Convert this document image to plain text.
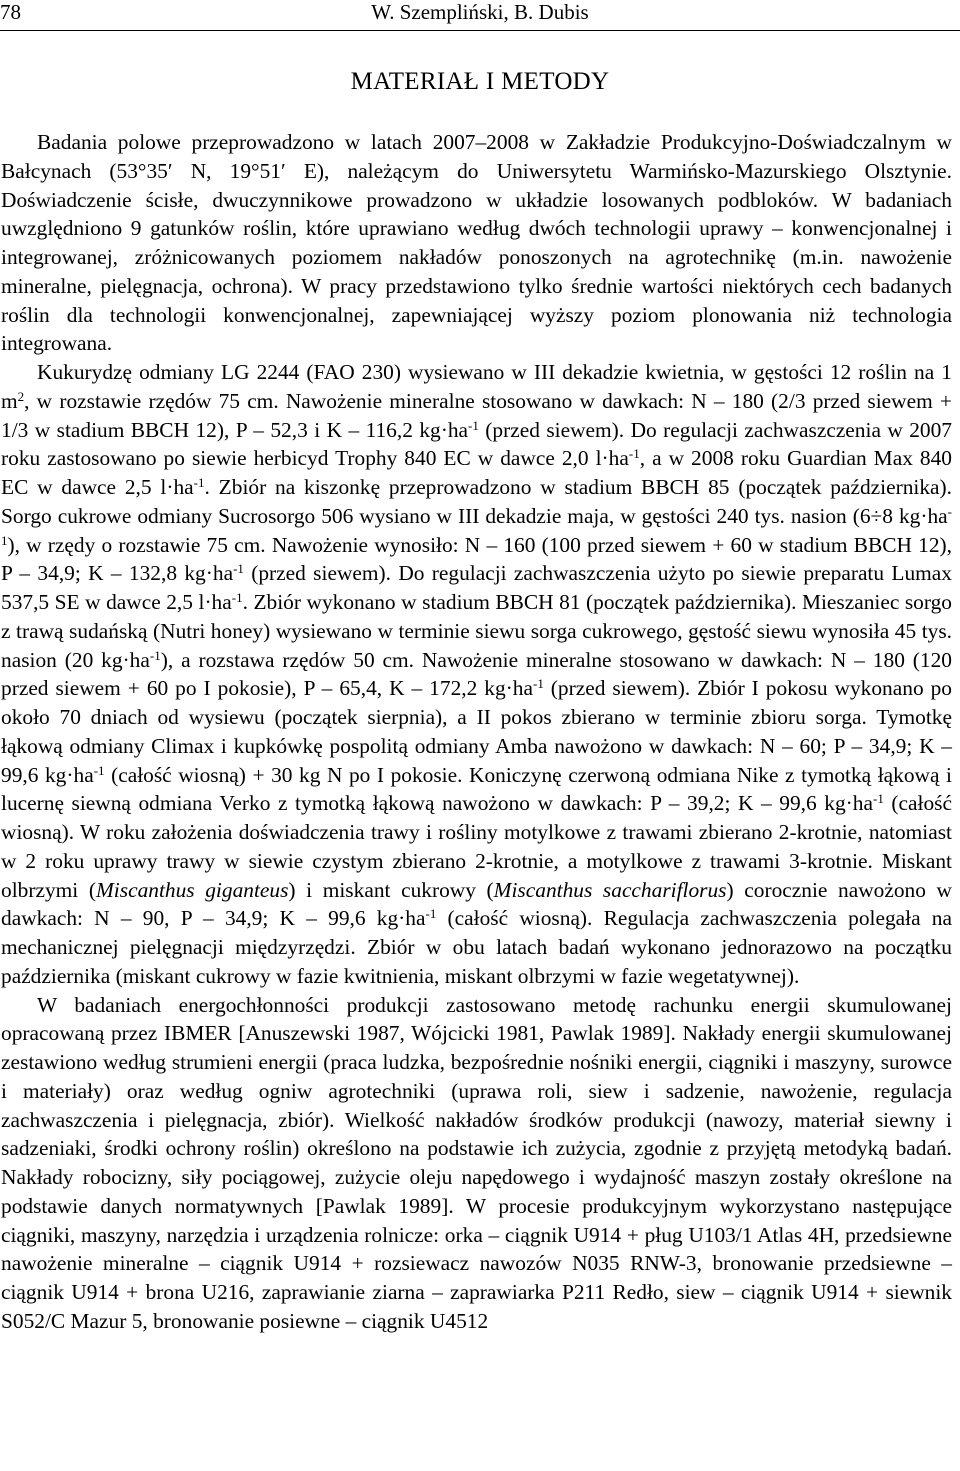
78	W. Szempliński, B. Dubis
MATERIAŁ I METODY

Badania polowe przeprowadzono w latach 2007–2008 w Zakładzie Produkcyjno-Doświadczalnym w Bałcynach (53°35′ N, 19°51′ E), należącym do Uniwersytetu Warmińsko-Mazurskiego Olsztynie. Doświadczenie ścisłe, dwuczynnikowe prowadzono w układzie losowanych podbloków. W badaniach uwzględniono 9 gatunków roślin, które uprawiano według dwóch technologii uprawy – konwencjonalnej i integrowanej, zróżnicowanych poziomem nakładów ponoszonych na agrotechnikę (m.in. nawożenie mineralne, pielęgnacja, ochrona). W pracy przedstawiono tylko średnie wartości niektórych cech badanych roślin dla technologii konwencjonalnej, zapewniającej wyższy poziom plonowania niż technologia integrowana.

Kukurydzę odmiany LG 2244 (FAO 230) wysiewano w III dekadzie kwietnia, w gęstości 12 roślin na 1 $m^2$, w rozstawie rzędów 75 cm. Nawożenie mineralne stosowano w dawkach: N – 180 (2/3 przed siewem + 1/3 w stadium BBCH 12), P – 52,3 i K – 116,2 $kg\cdot ha^{-1}$ (przed siewem). Do regulacji zachwaszczenia w 2007 roku zastosowano po siewie herbicyd Trophy 840 EC w dawce 2,0 $l\cdot ha^{-1}$, a w 2008 roku Guardian Max 840 EC w dawce 2,5 $l\cdot ha^{-1}$. Zbiór na kiszonkę przeprowadzono w stadium BBCH 85 (początek października). Sorgo cukrowe odmiany Sucrosorgo 506 wysiano w III dekadzie maja, w gęstości 240 tys. nasion (6÷8 $kg\cdot ha^{-1}$), w rzędy o rozstawie 75 cm. Nawożenie wynosiło: N – 160 (100 przed siewem + 60 w stadium BBCH 12), P – 34,9; K – 132,8 $kg\cdot ha^{-1}$ (przed siewem). Do regulacji zachwaszczenia użyto po siewie preparatu Lumax 537,5 SE w dawce 2,5 $l\cdot ha^{-1}$. Zbiór wykonano w stadium BBCH 81 (początek października). Mieszaniec sorgo z trawą sudańską (Nutri honey) wysiewano w terminie siewu sorga cukrowego, gęstość siewu wynosiła 45 tys. nasion (20 $kg\cdot ha^{-1}$), a rozstawa rzędów 50 cm. Nawożenie mineralne stosowano w dawkach: N – 180 (120 przed siewem + 60 po I pokosie), P – 65,4, K – 172,2 $kg\cdot ha^{-1}$ (przed siewem). Zbiór I pokosu wykonano po około 70 dniach od wysiewu (początek sierpnia), a II pokos zbierano w terminie zbioru sorga. Tymotkę łąkową odmiany Climax i kupkówkę pospolitą odmiany Amba nawożono w dawkach: N – 60; P – 34,9; K – 99,6 $kg\cdot ha^{-1}$ (całość wiosną) + 30 kg N po I pokosie. Koniczynę czerwoną odmiana Nike z tymotką łąkową i lucernę siewną odmiana Verko z tymotką łąkową nawożono w dawkach: P – 39,2; K – 99,6 $kg\cdot ha^{-1}$ (całość wiosną). W roku założenia doświadczenia trawy i rośliny motylkowe z trawami zbierano 2-krotnie, natomiast w 2 roku uprawy trawy w siewie czystym zbierano 2-krotnie, a motylkowe z trawami 3-krotnie. Miskant olbrzymi (Miscanthus giganteus) i miskant cukrowy (Miscanthus sacchariflorus) corocznie nawożono w dawkach: N – 90, P – 34,9; K – 99,6 $kg\cdot ha^{-1}$ (całość wiosną). Regulacja zachwaszczenia polegała na mechanicznej pielęgnacji międzyrzędzi. Zbiór w obu latach badań wykonano jednorazowo na początku października (miskant cukrowy w fazie kwitnienia, miskant olbrzymi w fazie wegetatywnej).

W badaniach energochłonności produkcji zastosowano metodę rachunku energii skumulowanej opracowaną przez IBMER [Anuszewski 1987, Wójcicki 1981, Pawlak 1989]. Nakłady energii skumulowanej zestawiono według strumieni energii (praca ludzka, bezpośrednie nośniki energii, ciągniki i maszyny, surowce i materiały) oraz według ogniw agrotechniki (uprawa roli, siew i sadzenie, nawożenie, regulacja zachwaszczenia i pielęgnacja, zbiór). Wielkość nakładów środków produkcji (nawozy, materiał siewny i sadzeniaki, środki ochrony roślin) określono na podstawie ich zużycia, zgodnie z przyjętą metodyką badań. Nakłady robocizny, siły pociągowej, zużycie oleju napędowego i wydajność maszyn zostały określone na podstawie danych normatywnych [Pawlak 1989]. W procesie produkcyjnym wykorzystano następujące ciągniki, maszyny, narzędzia i urządzenia rolnicze: orka – ciągnik U914 + pług U103/1 Atlas 4H, przedsiewne nawożenie mineralne – ciągnik U914 + rozsiewacz nawozów N035 RNW-3, bronowanie przedsiewne – ciągnik U914 + brona U216, zaprawianie ziarna – zaprawiarka P211 Redło, siew – ciągnik U914 + siewnik S052/C Mazur 5, bronowanie posiewne – ciągnik U4512
